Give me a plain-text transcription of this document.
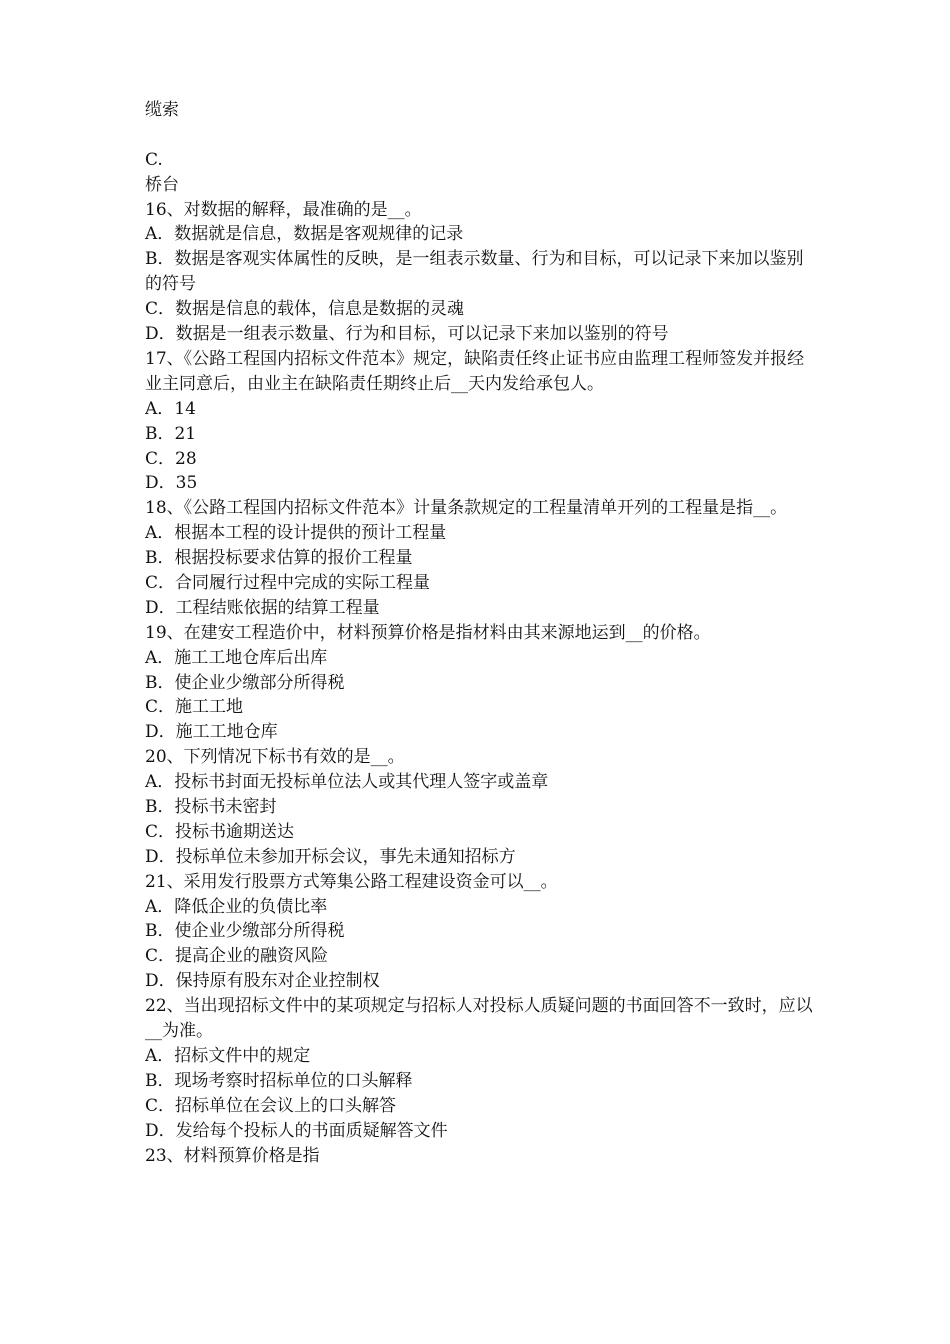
缆索
C.
桥台
16、对数据的解释，最准确的是__。
A．数据就是信息，数据是客观规律的记录
B．数据是客观实体属性的反映，是一组表示数量、行为和目标，可以记录下来加以鉴别的符号
C．数据是信息的载体，信息是数据的灵魂
D．数据是一组表示数量、行为和目标，可以记录下来加以鉴别的符号
17、《公路工程国内招标文件范本》规定，缺陷责任终止证书应由监理工程师签发并报经业主同意后，由业主在缺陷责任期终止后__天内发给承包人。
A．14
B．21
C．28
D．35
18、《公路工程国内招标文件范本》计量条款规定的工程量清单开列的工程量是指__。
A．根据本工程的设计提供的预计工程量
B．根据投标要求估算的报价工程量
C．合同履行过程中完成的实际工程量
D．工程结账依据的结算工程量
19、在建安工程造价中，材料预算价格是指材料由其来源地运到__的价格。
A．施工工地仓库后出库
B．使企业少缴部分所得税
C．施工工地
D．施工工地仓库
20、下列情况下标书有效的是__。
A．投标书封面无投标单位法人或其代理人签字或盖章
B．投标书未密封
C．投标书逾期送达
D．投标单位未参加开标会议，事先未通知招标方
21、采用发行股票方式筹集公路工程建设资金可以__。
A．降低企业的负债比率
B．使企业少缴部分所得税
C．提高企业的融资风险
D．保持原有股东对企业控制权
22、当出现招标文件中的某项规定与招标人对投标人质疑问题的书面回答不一致时，应以__为准。
A．招标文件中的规定
B．现场考察时招标单位的口头解释
C．招标单位在会议上的口头解答
D．发给每个投标人的书面质疑解答文件
23、材料预算价格是指
